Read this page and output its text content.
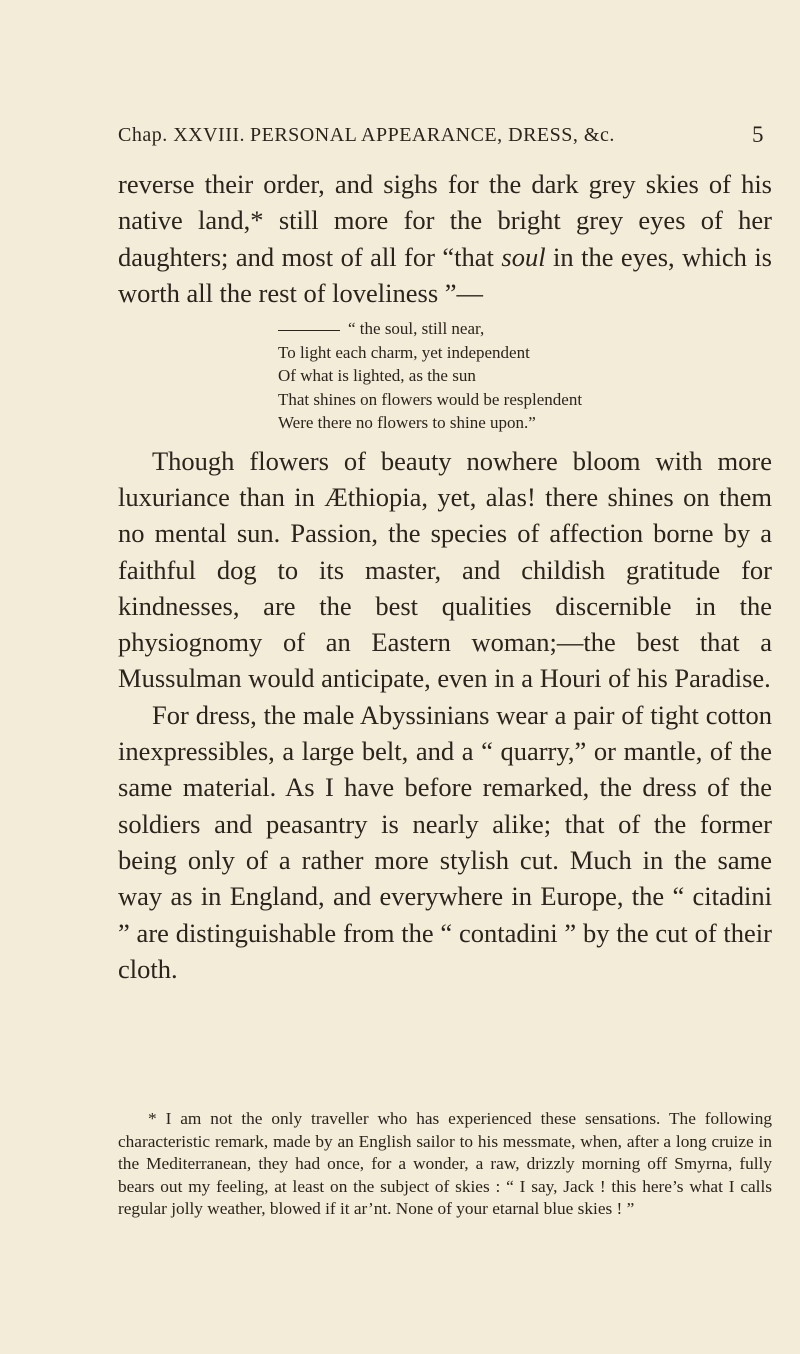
Chap. XXVIII. PERSONAL APPEARANCE, DRESS, &c.	5

reverse their order, and sighs for the dark grey skies of his native land,* still more for the bright grey eyes of her daughters; and most of all for “that soul in the eyes, which is worth all the rest of loveliness ”—

“ the soul, still near,
To light each charm, yet independent
Of what is lighted, as the sun
That shines on flowers would be resplendent
Were there no flowers to shine upon.”

Though flowers of beauty nowhere bloom with more luxuriance than in Æthiopia, yet, alas! there shines on them no mental sun. Passion, the species of affection borne by a faithful dog to its master, and childish gratitude for kindnesses, are the best qualities discernible in the physiognomy of an Eastern woman;—the best that a Mussulman would anticipate, even in a Houri of his Paradise.

For dress, the male Abyssinians wear a pair of tight cotton inexpressibles, a large belt, and a “ quarry,” or mantle, of the same material. As I have before remarked, the dress of the soldiers and peasantry is nearly alike; that of the former being only of a rather more stylish cut. Much in the same way as in England, and everywhere in Europe, the “ citadini ” are distinguishable from the “ contadini ” by the cut of their cloth.

* I am not the only traveller who has experienced these sensations. The following characteristic remark, made by an English sailor to his messmate, when, after a long cruize in the Mediterranean, they had once, for a wonder, a raw, drizzly morning off Smyrna, fully bears out my feeling, at least on the subject of skies : “ I say, Jack ! this here’s what I calls regular jolly weather, blowed if it ar’nt. None of your etarnal blue skies ! ”
